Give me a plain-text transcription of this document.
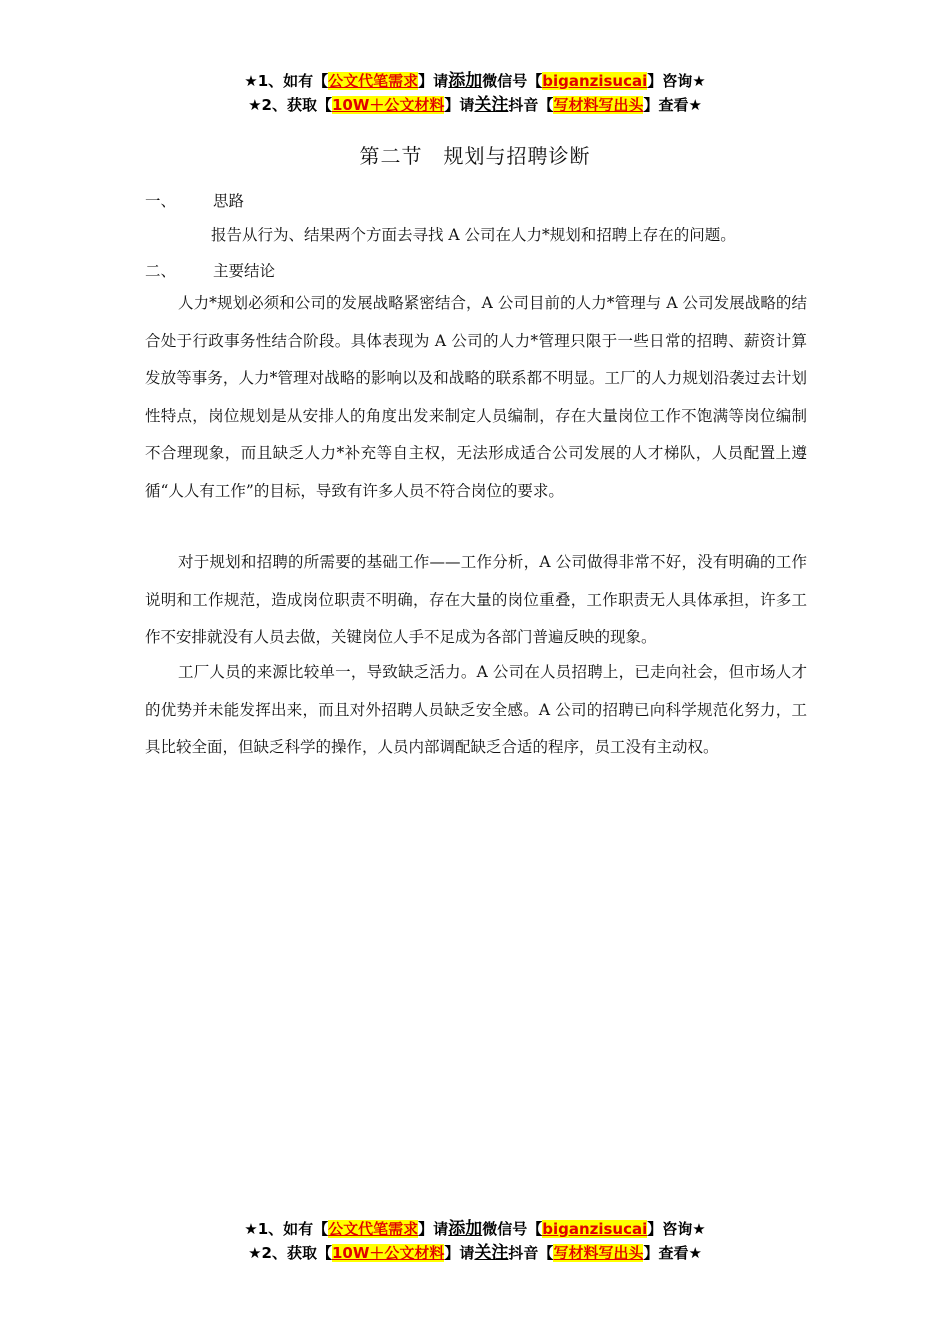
★1、如有【公文代笔需求】请添加微信号【biganzisucai】咨询★
★2、获取【10W＋公文材料】请关注抖音【写材料写出头】查看★
第二节　规划与招聘诊断
一、 思路
报告从行为、结果两个方面去寻找 A 公司在人力*规划和招聘上存在的问题。
二、 主要结论
人力*规划必须和公司的发展战略紧密结合，A 公司目前的人力*管理与 A 公司发展战略的结合处于行政事务性结合阶段。具体表现为 A 公司的人力*管理只限于一些日常的招聘、薪资计算发放等事务，人力*管理对战略的影响以及和战略的联系都不明显。工厂的人力规划沿袭过去计划性特点，岗位规划是从安排人的角度出发来制定人员编制，存在大量岗位工作不饱满等岗位编制不合理现象，而且缺乏人力*补充等自主权，无法形成适合公司发展的人才梯队，人员配置上遵循“人人有工作”的目标，导致有许多人员不符合岗位的要求。
对于规划和招聘的所需要的基础工作——工作分析，A 公司做得非常不好，没有明确的工作说明和工作规范，造成岗位职责不明确，存在大量的岗位重叠，工作职责无人具体承担，许多工作不安排就没有人员去做，关键岗位人手不足成为各部门普遍反映的现象。
工厂人员的来源比较单一，导致缺乏活力。A 公司在人员招聘上，已走向社会，但市场人才的优势并未能发挥出来，而且对外招聘人员缺乏安全感。A 公司的招聘已向科学规范化努力，工具比较全面，但缺乏科学的操作，人员内部调配缺乏合适的程序，员工没有主动权。
★1、如有【公文代笔需求】请添加微信号【biganzisucai】咨询★
★2、获取【10W＋公文材料】请关注抖音【写材料写出头】查看★
